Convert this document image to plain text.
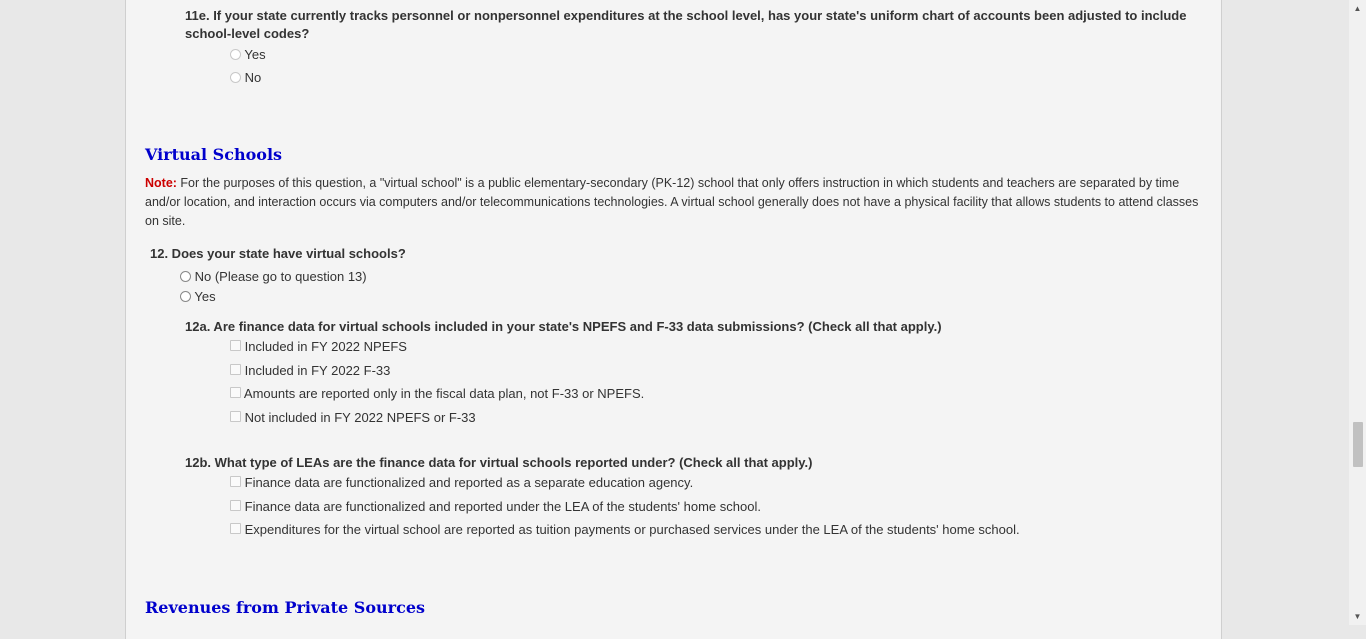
11e. If your state currently tracks personnel or nonpersonnel expenditures at the school level, has your state's uniform chart of accounts been adjusted to include school-level codes?
Yes
No
Virtual Schools
Note: For the purposes of this question, a "virtual school" is a public elementary-secondary (PK-12) school that only offers instruction in which students and teachers are separated by time and/or location, and interaction occurs via computers and/or telecommunications technologies. A virtual school generally does not have a physical facility that allows students to attend classes on site.
12. Does your state have virtual schools?
No (Please go to question 13)
Yes
12a. Are finance data for virtual schools included in your state's NPEFS and F-33 data submissions? (Check all that apply.)
Included in FY 2022 NPEFS
Included in FY 2022 F-33
Amounts are reported only in the fiscal data plan, not F-33 or NPEFS.
Not included in FY 2022 NPEFS or F-33
12b. What type of LEAs are the finance data for virtual schools reported under? (Check all that apply.)
Finance data are functionalized and reported as a separate education agency.
Finance data are functionalized and reported under the LEA of the students' home school.
Expenditures for the virtual school are reported as tuition payments or purchased services under the LEA of the students' home school.
Revenues from Private Sources
▲
▼
